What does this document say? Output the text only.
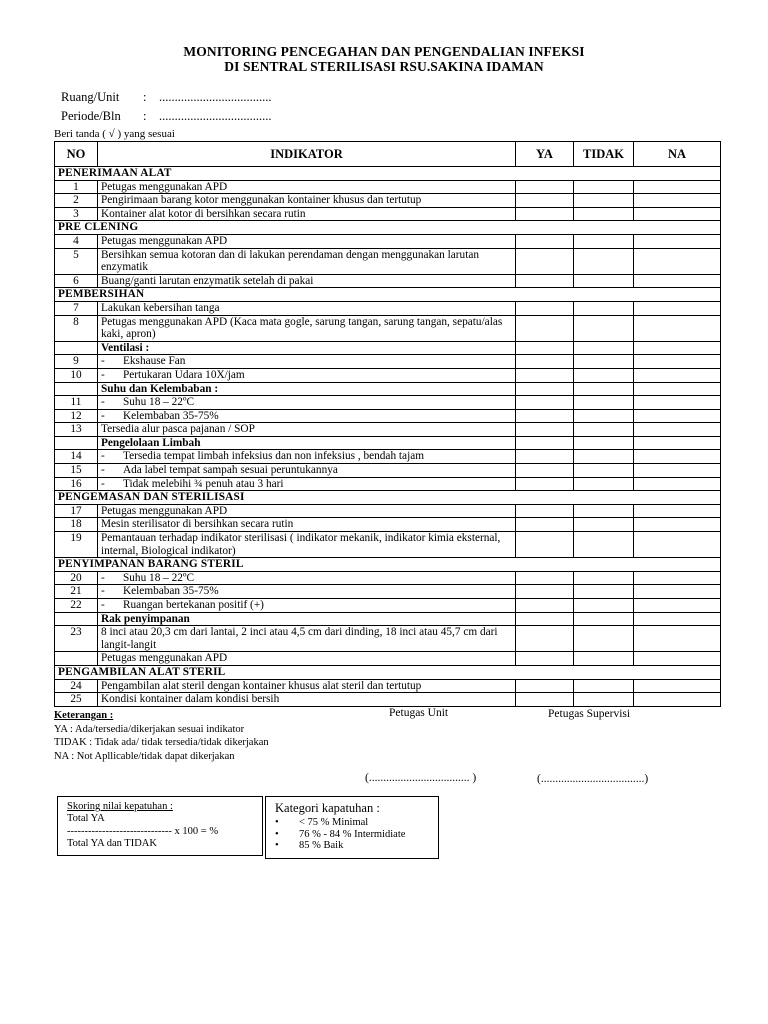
MONITORING PENCEGAHAN DAN PENGENDALIAN INFEKSI
DI SENTRAL STERILISASI RSU.SAKINA IDAMAN
Ruang/Unit : ....................................
Periode/Bln : ....................................
Beri tanda ( √ ) yang sesuai
NO	INDIKATOR	YA	TIDAK	NA
PENERIMAAN ALAT				
1	Petugas menggunakan APD			
2	Pengirimaan barang kotor menggunakan kontainer khusus dan tertutup			
3	Kontainer alat kotor di bersihkan secara rutin			
PRE CLENING				
4	Petugas menggunakan APD			
5	Bersihkan semua kotoran dan di lakukan perendaman dengan menggunakan larutan enzymatik			
6	Buang/ganti larutan enzymatik setelah di pakai			
PEMBERSIHAN				
7	Lakukan kebersihan tanga			
8	Petugas menggunakan APD (Kaca mata gogle, sarung tangan, sarung tangan, sepatu/alas kaki, apron)			
	Ventilasi :			
9	- Ekshause Fan			
10	- Pertukaran Udara 10X/jam			
	Suhu dan Kelembaban :			
11	- Suhu 18 – 22ºC			
12	- Kelembaban 35-75%			
13	Tersedia alur pasca pajanan / SOP			
	Pengelolaan Limbah			
14	- Tersedia tempat limbah infeksius dan non infeksius , bendah tajam			
15	- Ada label tempat sampah sesuai peruntukannya			
16	- Tidak melebihi ¾ penuh atau 3 hari			
PENGEMASAN DAN STERILISASI				
17	Petugas menggunakan APD			
18	Mesin sterilisator di bersihkan secara rutin			
19	Pemantauan terhadap indikator sterilisasi ( indikator mekanik, indikator kimia eksternal, internal, Biological indikator)			
PENYIMPANAN BARANG STERIL				
20	- Suhu 18 – 22ºC			
21	- Kelembaban 35-75%			
22	- Ruangan bertekanan positif (+)			
	Rak penyimpanan			
23	8 inci atau 20,3 cm dari lantai, 2 inci atau 4,5 cm dari dinding, 18 inci atau 45,7 cm dari langit-langit			
	Petugas menggunakan APD			
PENGAMBILAN ALAT STERIL				
24	Pengambilan alat steril dengan kontainer khusus alat steril dan tertutup			
25	Kondisi kontainer dalam kondisi bersih			
Keterangan :
YA : Ada/tersedia/dikerjakan sesuai indikator
TIDAK : Tidak ada/ tidak tersedia/tidak dikerjakan
NA : Not Apllicable/tidak dapat dikerjakan
Petugas Unit	Petugas Supervisi
(................................... )	(....................................)
Skoring nilai kepatuhan :
Total YA
------------------------------ x 100 = %
Total YA dan TIDAK
Kategori kapatuhan :
• < 75 % Minimal
• 76 % - 84 % Intermidiate
• 85 % Baik
